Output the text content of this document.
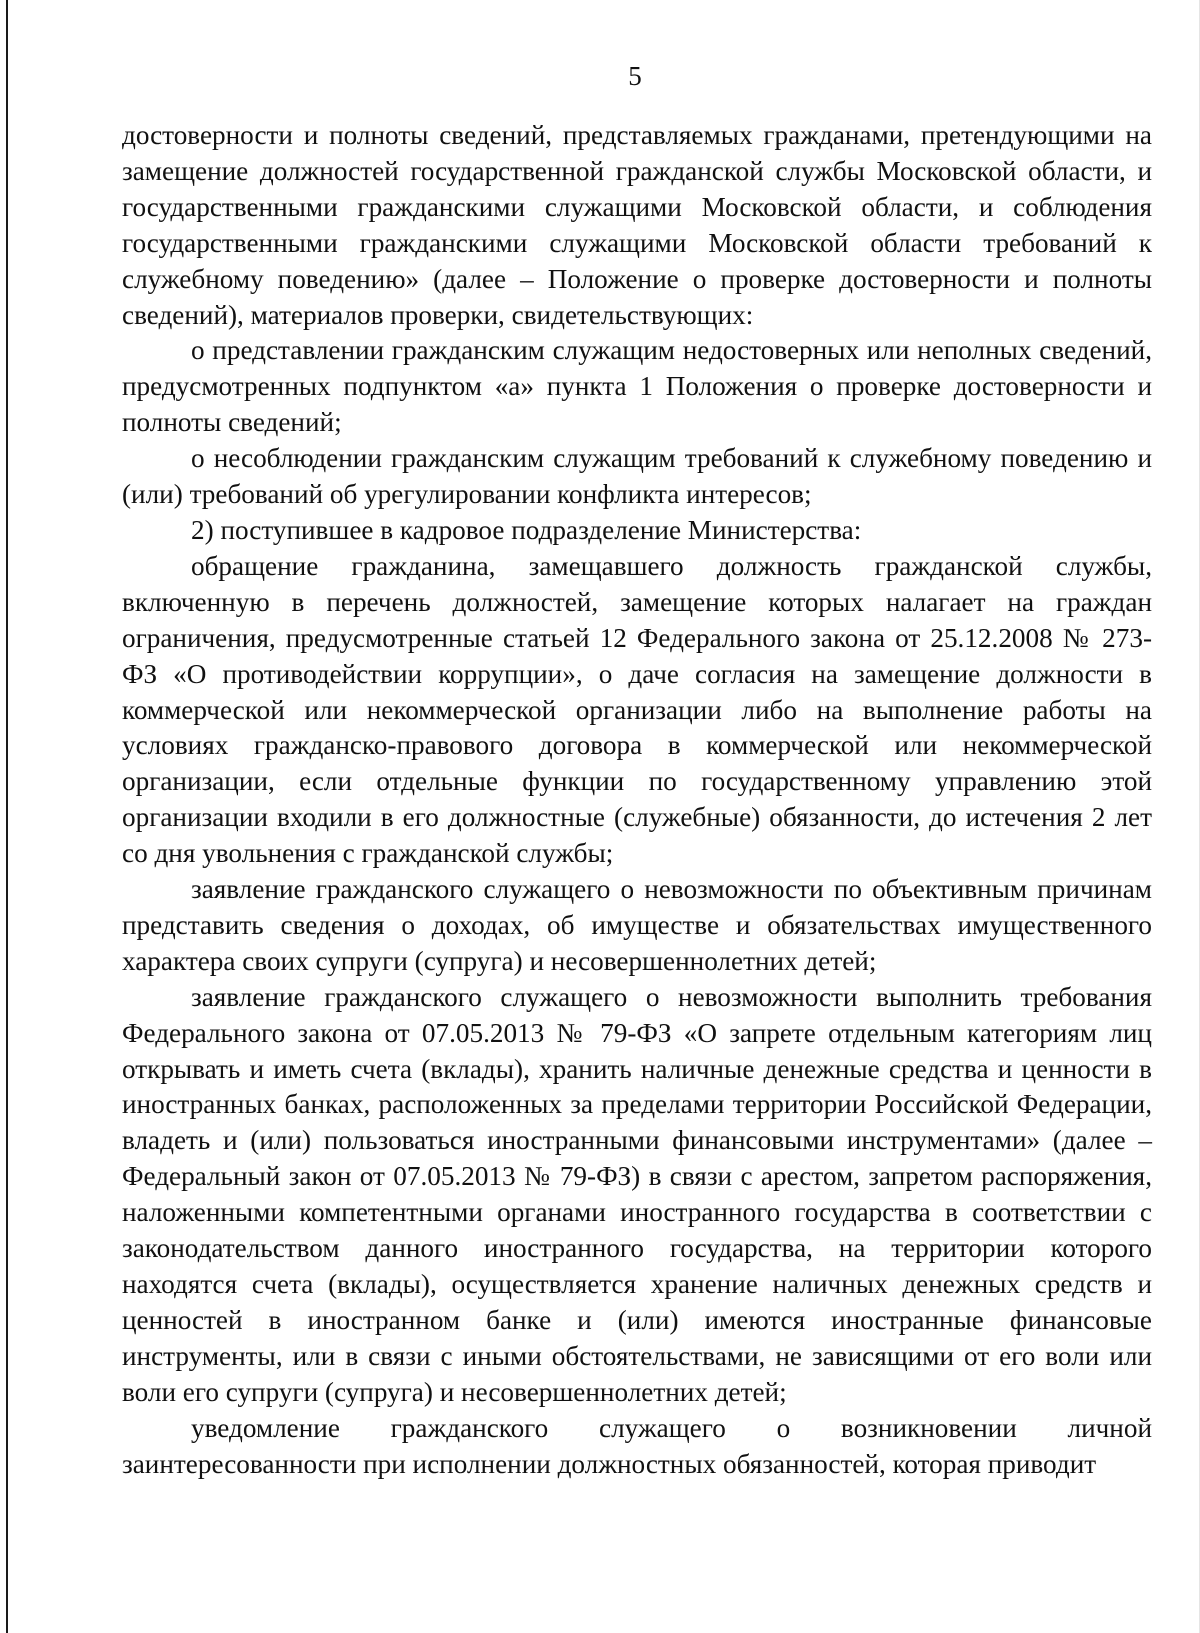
5

достоверности и полноты сведений, представляемых гражданами, претендующими на замещение должностей государственной гражданской службы Московской области, и государственными гражданскими служащими Московской области, и соблюдения государственными гражданскими служащими Московской области требований к служебному поведению» (далее – Положение о проверке достоверности и полноты сведений), материалов проверки, свидетельствующих:

о представлении гражданским служащим недостоверных или неполных сведений, предусмотренных подпунктом «а» пункта 1 Положения о проверке достоверности и полноты сведений;

о несоблюдении гражданским служащим требований к служебному поведению и (или) требований об урегулировании конфликта интересов;

2) поступившее в кадровое подразделение Министерства:

обращение гражданина, замещавшего должность гражданской службы, включенную в перечень должностей, замещение которых налагает на граждан ограничения, предусмотренные статьей 12 Федерального закона от 25.12.2008 № 273-ФЗ «О противодействии коррупции», о даче согласия на замещение должности в коммерческой или некоммерческой организации либо на выполнение работы на условиях гражданско-правового договора в коммерческой или некоммерческой организации, если отдельные функции по государственному управлению этой организации входили в его должностные (служебные) обязанности, до истечения 2 лет со дня увольнения с гражданской службы;

заявление гражданского служащего о невозможности по объективным причинам представить сведения о доходах, об имуществе и обязательствах имущественного характера своих супруги (супруга) и несовершеннолетних детей;

заявление гражданского служащего о невозможности выполнить требования Федерального закона от 07.05.2013 № 79-ФЗ «О запрете отдельным категориям лиц открывать и иметь счета (вклады), хранить наличные денежные средства и ценности в иностранных банках, расположенных за пределами территории Российской Федерации, владеть и (или) пользоваться иностранными финансовыми инструментами» (далее – Федеральный закон от 07.05.2013 № 79-ФЗ) в связи с арестом, запретом распоряжения, наложенными компетентными органами иностранного государства в соответствии с законодательством данного иностранного государства, на территории которого находятся счета (вклады), осуществляется хранение наличных денежных средств и ценностей в иностранном банке и (или) имеются иностранные финансовые инструменты, или в связи с иными обстоятельствами, не зависящими от его воли или воли его супруги (супруга) и несовершеннолетних детей;

уведомление гражданского служащего о возникновении личной заинтересованности при исполнении должностных обязанностей, которая приводит
